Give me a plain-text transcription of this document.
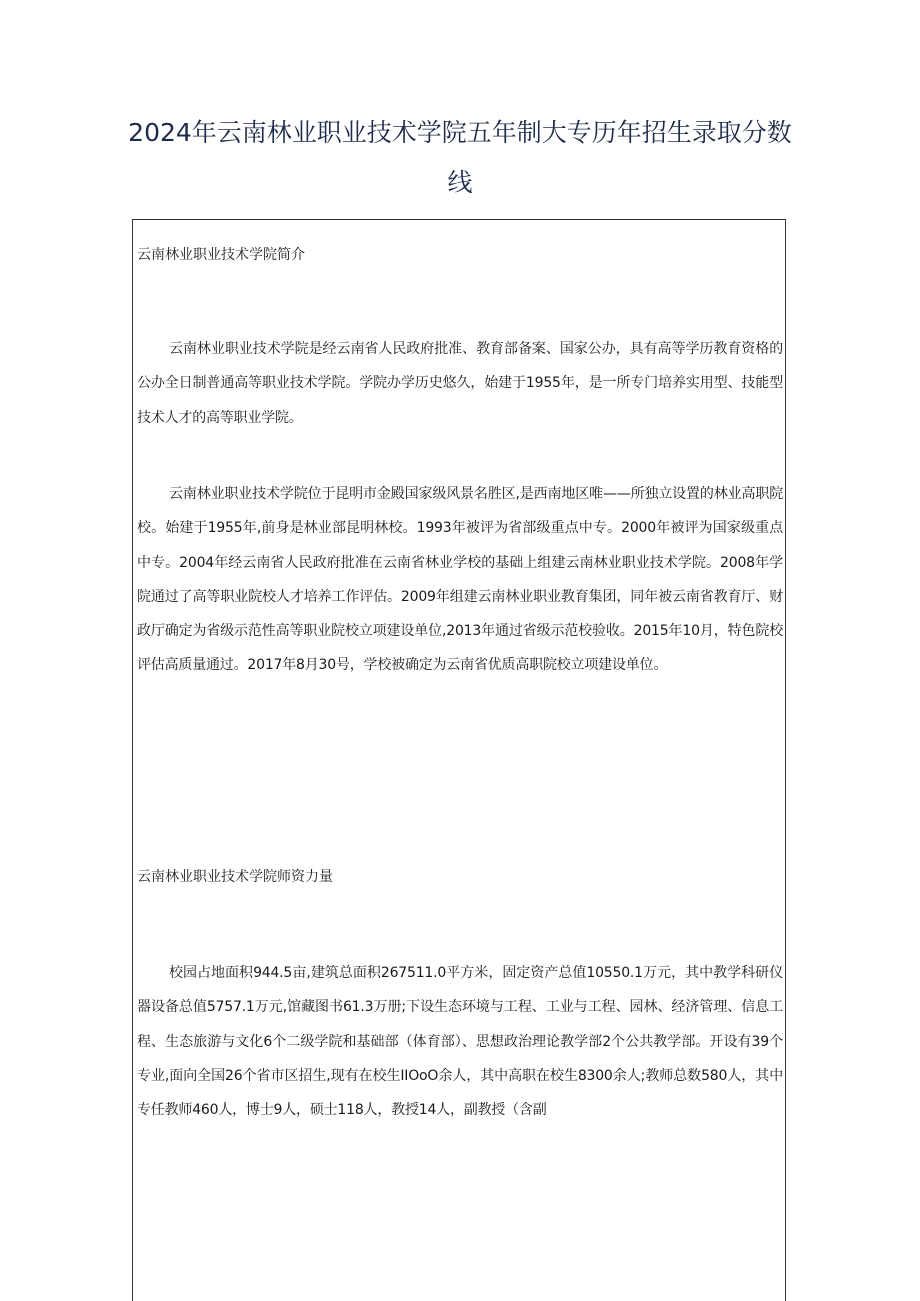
2024年云南林业职业技术学院五年制大专历年招生录取分数线
云南林业职业技术学院简介

云南林业职业技术学院是经云南省人民政府批准、教育部备案、国家公办，具有高等学历教育资格的公办全日制普通高等职业技术学院。学院办学历史悠久，始建于1955年，是一所专门培养实用型、技能型技术人才的高等职业学院。

云南林业职业技术学院位于昆明市金殿国家级风景名胜区,是西南地区唯——所独立设置的林业高职院校。始建于1955年,前身是林业部昆明林校。1993年被评为省部级重点中专。2000年被评为国家级重点中专。2004年经云南省人民政府批准在云南省林业学校的基础上组建云南林业职业技术学院。2008年学院通过了高等职业院校人才培养工作评估。2009年组建云南林业职业教育集团，同年被云南省教育厅、财政厅确定为省级示范性高等职业院校立项建设单位,2013年通过省级示范校验收。2015年10月，特色院校评估高质量通过。2017年8月30号，学校被确定为云南省优质高职院校立项建设单位。

云南林业职业技术学院师资力量

校园占地面积944.5亩,建筑总面积267511.0平方米，固定资产总值10550.1万元，其中教学科研仪器设备总值5757.1万元,馆藏图书61.3万册;下设生态环境与工程、工业与工程、园林、经济管理、信息工程、生态旅游与文化6个二级学院和基础部（体育部）、思想政治理论教学部2个公共教学部。开设有39个专业,面向全国26个省市区招生,现有在校生IIOoO余人，其中高职在校生8300余人;教师总数580人，其中专任教师460人，博士9人，硕士118人，教授14人，副教授（含副
